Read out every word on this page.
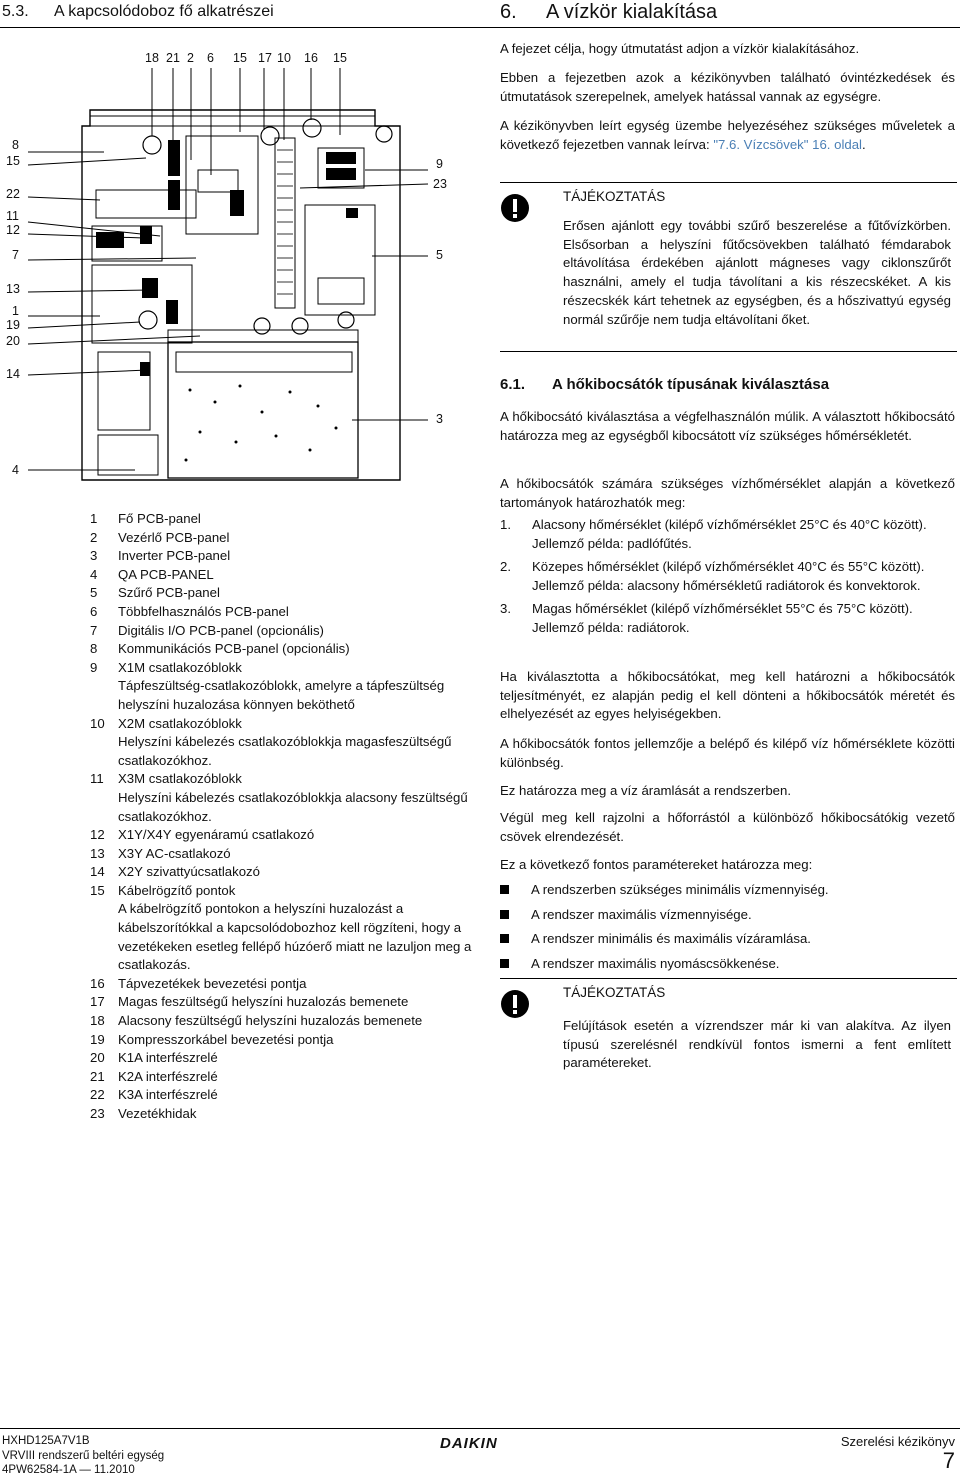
5.3. A kapcsolódoboz fő alkatrészei	6. A vízkör kialakítása
18 21 2 6 15 17 10 16 15
8
15
22
11
12
7
13
1
19
20
14
4
9
23
5
3
1	Fő PCB-panel
2	Vezérlő PCB-panel
3	Inverter PCB-panel
4	QA PCB-PANEL
5	Szűrő PCB-panel
6	Többfelhasználós PCB-panel
7	Digitális I/O PCB-panel (opcionális)
8	Kommunikációs PCB-panel (opcionális)
9	X1M csatlakozóblokk
Tápfeszültség-csatlakozóblokk, amelyre a tápfeszültség helyszíni huzalozása könnyen beköthető
10	X2M csatlakozóblokk
Helyszíni kábelezés csatlakozóblokkja magasfeszültségű csatlakozókhoz.
11	X3M csatlakozóblokk
Helyszíni kábelezés csatlakozóblokkja alacsony feszültségű csatlakozókhoz.
12	X1Y/X4Y egyenáramú csatlakozó
13	X3Y AC-csatlakozó
14	X2Y szivattyúcsatlakozó
15	Kábelrögzítő pontok
A kábelrögzítő pontokon a helyszíni huzalozást a kábelszorítókkal a kapcsolódobozhoz kell rögzíteni, hogy a vezetékeken esetleg fellépő húzóerő miatt ne lazuljon meg a csatlakozás.
16	Tápvezetékek bevezetési pontja
17	Magas feszültségű helyszíni huzalozás bemenete
18	Alacsony feszültségű helyszíni huzalozás bemenete
19	Kompresszorkábel bevezetési pontja
20	K1A interfészrelé
21	K2A interfészrelé
22	K3A interfészrelé
23	Vezetékhidak
A fejezet célja, hogy útmutatást adjon a vízkör kialakításához.
Ebben a fejezetben azok a kézikönyvben található óvintézkedések és útmutatások szerepelnek, amelyek hatással vannak az egységre.
A kézikönyvben leírt egység üzembe helyezéséhez szükséges műveletek a következő fejezetben vannak leírva: "7.6. Vízcsövek" 16. oldal.
TÁJÉKOZTATÁS
Erősen ajánlott egy további szűrő beszerelése a fűtővízkörben. Elsősorban a helyszíni fűtőcsövekben található fémdarabok eltávolítása érdekében ajánlott mágneses vagy ciklonszűrőt használni, amely el tudja távolítani a kis részecskéket. A kis részecskék kárt tehetnek az egységben, és a hőszivattyú egység normál szűrője nem tudja eltávolítani őket.
6.1. A hőkibocsátók típusának kiválasztása
A hőkibocsátó kiválasztása a végfelhasználón múlik. A választott hőkibocsátó határozza meg az egységből kibocsátott víz szükséges hőmérsékletét.
A hőkibocsátók számára szükséges vízhőmérséklet alapján a következő tartományok határozhatók meg:
1.	Alacsony hőmérséklet (kilépő vízhőmérséklet 25°C és 40°C között). Jellemző példa: padlófűtés.
2.	Közepes hőmérséklet (kilépő vízhőmérséklet 40°C és 55°C között). Jellemző példa: alacsony hőmérsékletű radiátorok és konvektorok.
3.	Magas hőmérséklet (kilépő vízhőmérséklet 55°C és 75°C között). Jellemző példa: radiátorok.
Ha kiválasztotta a hőkibocsátókat, meg kell határozni a hőkibocsátók teljesítményét, ez alapján pedig el kell dönteni a hőkibocsátók méretét és elhelyezését az egyes helyiségekben.
A hőkibocsátók fontos jellemzője a belépő és kilépő víz hőmérséklete közötti különbség.
Ez határozza meg a víz áramlását a rendszerben.
Végül meg kell rajzolni a hőforrástól a különböző hőkibocsátókig vezető csövek elrendezését.
Ez a következő fontos paramétereket határozza meg:
A rendszerben szükséges minimális vízmennyiség.
A rendszer maximális vízmennyisége.
A rendszer minimális és maximális vízáramlása.
A rendszer maximális nyomáscsökkenése.
TÁJÉKOZTATÁS
Felújítások esetén a vízrendszer már ki van alakítva. Az ilyen típusú szerelésnél rendkívül fontos ismerni a fent említett paramétereket.
HXHD125A7V1B
VRVIII rendszerű beltéri egység
4PW62584-1A — 11.2010
DAIKIN	Szerelési kézikönyv
7
